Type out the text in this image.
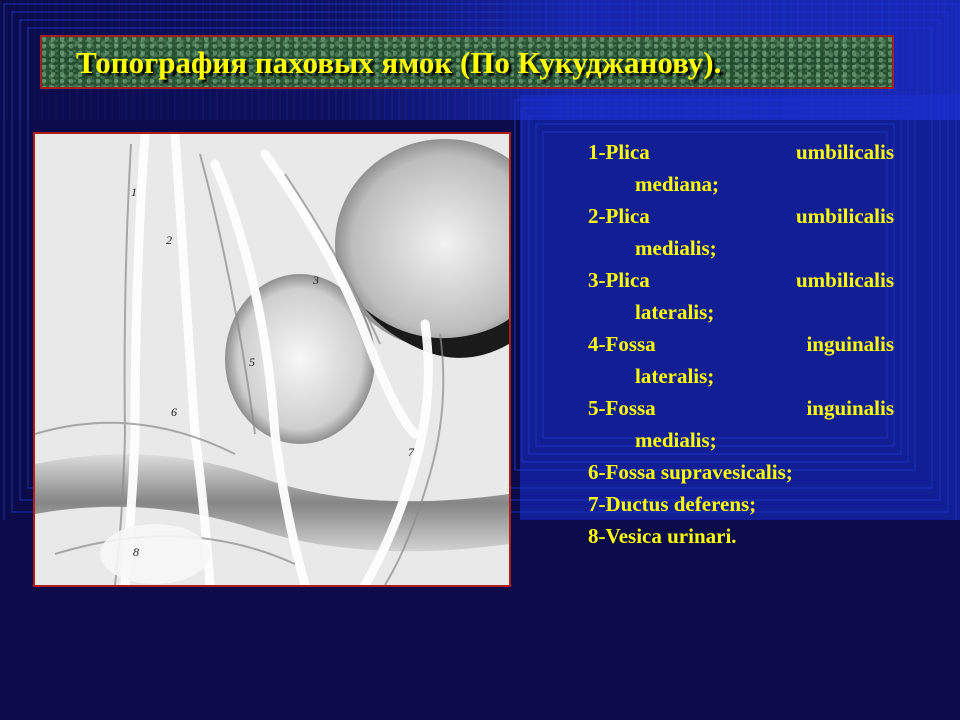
Топография паховых ямок (По Кукуджанову).
1
2
3
5
6
7
8
1-Plica	umbilicalis
mediana;
2-Plica	umbilicalis
medialis;
3-Plica	umbilicalis
lateralis;
4-Fossa	inguinalis
lateralis;
5-Fossa	inguinalis
medialis;
6-Fossa supravesicalis;
7-Ductus deferens;
8-Vesica urinari.
